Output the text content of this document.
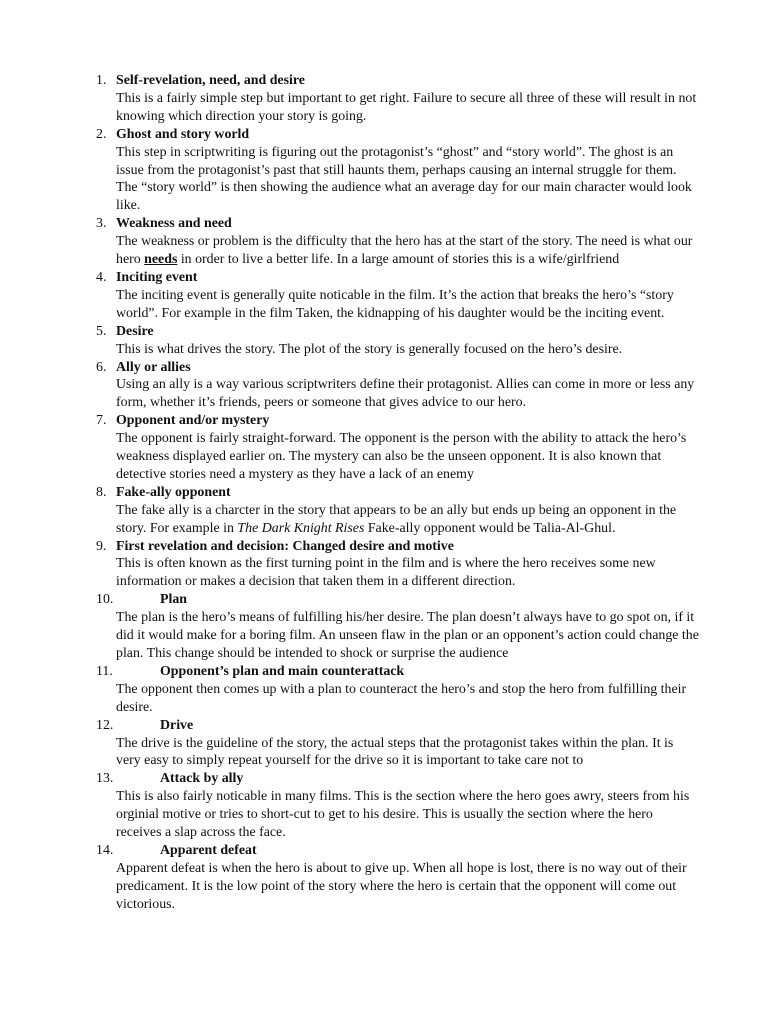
1. Self-revelation, need, and desire

This is a fairly simple step but important to get right. Failure to secure all three of these will result in not knowing which direction your story is going.

2. Ghost and story world

This step in scriptwriting is figuring out the protagonist’s “ghost” and “story world”. The ghost is an issue from the protagonist’s past that still haunts them, perhaps causing an internal struggle for them. The “story world” is then showing the audience what an average day for our main character would look like.

3. Weakness and need

The weakness or problem is the difficulty that the hero has at the start of the story. The need is what our hero needs in order to live a better life. In a large amount of stories this is a wife/girlfriend

4. Inciting event

The inciting event is generally quite noticable in the film. It’s the action that breaks the hero’s “story world”. For example in the film Taken, the kidnapping of his daughter would be the inciting event.

5. Desire

This is what drives the story. The plot of the story is generally focused on the hero’s desire.

6. Ally or allies

Using an ally is a way various scriptwriters define their protagonist. Allies can come in more or less any form, whether it’s friends, peers or someone that gives advice to our hero.

7. Opponent and/or mystery

The opponent is fairly straight-forward. The opponent is the person with the ability to attack the hero’s weakness displayed earlier on. The mystery can also be the unseen opponent. It is also known that detective stories need a mystery as they have a lack of an enemy

8. Fake-ally opponent

The fake ally is a charcter in the story that appears to be an ally but ends up being an opponent in the story. For example in The Dark Knight Rises Fake-ally opponent would be Talia-Al-Ghul.

9. First revelation and decision: Changed desire and motive

This is often known as the first turning point in the film and is where the hero receives some new information or makes a decision that taken them in a different direction.

10.	Plan

The plan is the hero’s means of fulfilling his/her desire. The plan doesn’t always have to go spot on, if it did it would make for a boring film. An unseen flaw in the plan or an opponent’s action could change the plan. This change should be intended to shock or surprise the audience

11.	Opponent’s plan and main counterattack

The opponent then comes up with a plan to counteract the hero’s and stop the hero from fulfilling their desire.

12.	Drive

The drive is the guideline of the story, the actual steps that the protagonist takes within the plan. It is very easy to simply repeat yourself for the drive so it is important to take care not to

13.	Attack by ally

This is also fairly noticable in many films. This is the section where the hero goes awry, steers from his orginial motive or tries to short-cut to get to his desire. This is usually the section where the hero receives a slap across the face.

14.	Apparent defeat

Apparent defeat is when the hero is about to give up. When all hope is lost, there is no way out of their predicament. It is the low point of the story where the hero is certain that the opponent will come out victorious.
